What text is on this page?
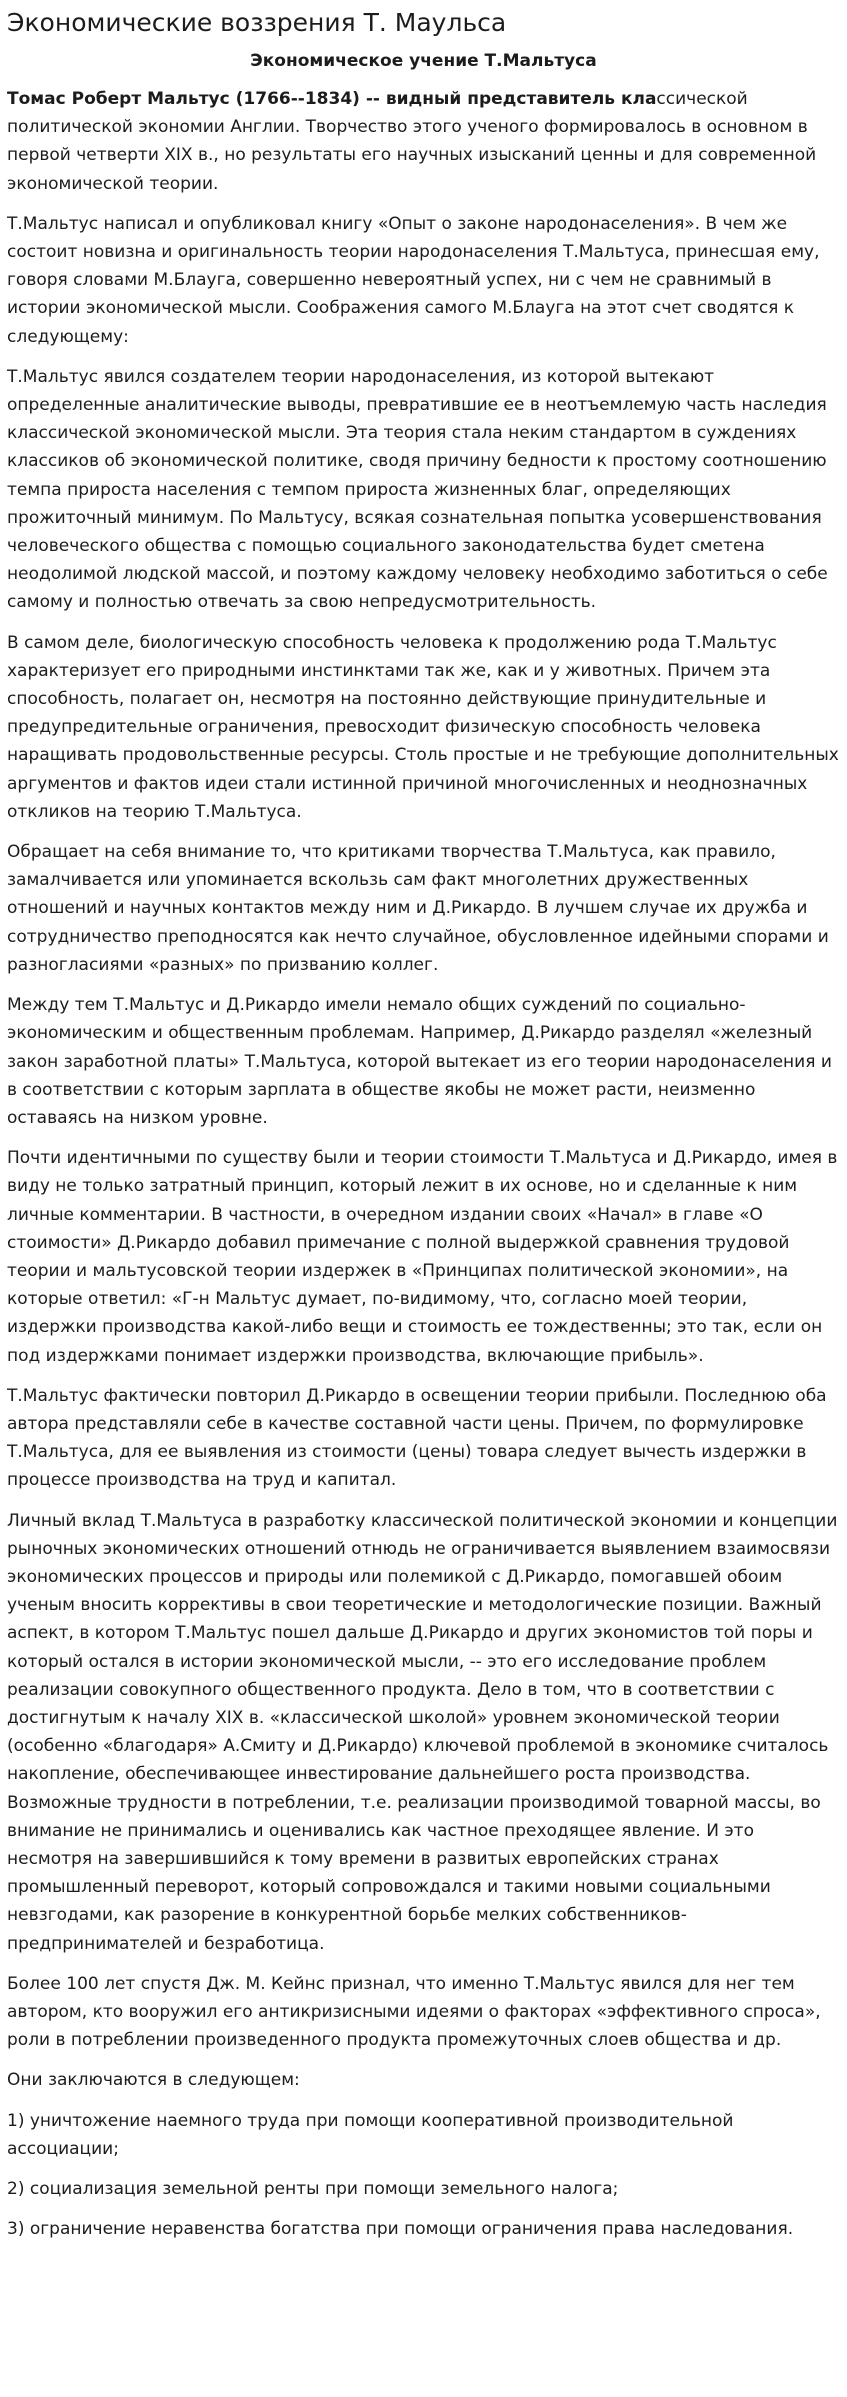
Экономические воззрения Т. Маульса
Экономическое учение Т.Мальтуса

Томас Роберт Мальтус (1766--1834) -- видный представитель классической политической экономии Англии. Творчество этого ученого формировалось в основном в первой четверти XIX в., но результаты его научных изысканий ценны и для современной экономической теории.

Т.Мальтус написал и опубликовал книгу «Опыт о законе народонаселения». В чем же состоит новизна и оригинальность теории народонаселения Т.Мальтуса, принесшая ему, говоря словами М.Блауга, совершенно невероятный успех, ни с чем не сравнимый в истории экономической мысли. Соображения самого М.Блауга на этот счет сводятся к следующему:

Т.Мальтус явился создателем теории народонаселения, из которой вытекают определенные аналитические выводы, превратившие ее в неотъемлемую часть наследия классической экономической мысли. Эта теория стала неким стандартом в суждениях классиков об экономической политике, сводя причину бедности к простому соотношению темпа прироста населения с темпом прироста жизненных благ, определяющих прожиточный минимум. По Мальтусу, всякая сознательная попытка усовершенствования человеческого общества с помощью социального законодательства будет сметена неодолимой людской массой, и поэтому каждому человеку необходимо заботиться о себе самому и полностью отвечать за свою непредусмотрительность.

В самом деле, биологическую способность человека к продолжению рода Т.Мальтус характеризует его природными инстинктами так же, как и у животных. Причем эта способность, полагает он, несмотря на постоянно действующие принудительные и предупредительные ограничения, превосходит физическую способность человека наращивать продовольственные ресурсы. Столь простые и не требующие дополнительных аргументов и фактов идеи стали истинной причиной многочисленных и неоднозначных откликов на теорию Т.Мальтуса.

Обращает на себя внимание то, что критиками творчества Т.Мальтуса, как правило, замалчивается или упоминается вскользь сам факт многолетних дружественных отношений и научных контактов между ним и Д.Рикардо. В лучшем случае их дружба и сотрудничество преподносятся как нечто случайное, обусловленное идейными спорами и разногласиями «разных» по призванию коллег.

Между тем Т.Мальтус и Д.Рикардо имели немало общих суждений по социально-экономическим и общественным проблемам. Например, Д.Рикардо разделял «железный закон заработной платы» Т.Мальтуса, которой вытекает из его теории народонаселения и в соответствии с которым зарплата в обществе якобы не может расти, неизменно оставаясь на низком уровне.

Почти идентичными по существу были и теории стоимости Т.Мальтуса и Д.Рикардо, имея в виду не только затратный принцип, который лежит в их основе, но и сделанные к ним личные комментарии. В частности, в очередном издании своих «Начал» в главе «О стоимости» Д.Рикардо добавил примечание с полной выдержкой сравнения трудовой теории и мальтусовской теории издержек в «Принципах политической экономии», на которые ответил: «Г-н Мальтус думает, по-видимому, что, согласно моей теории, издержки производства какой-либо вещи и стоимость ее тождественны; это так, если он под издержками понимает издержки производства, включающие прибыль».

Т.Мальтус фактически повторил Д.Рикардо в освещении теории прибыли. Последнюю оба автора представляли себе в качестве составной части цены. Причем, по формулировке Т.Мальтуса, для ее выявления из стоимости (цены) товара следует вычесть издержки в процессе производства на труд и капитал.

Личный вклад Т.Мальтуса в разработку классической политической экономии и концепции рыночных экономических отношений отнюдь не ограничивается выявлением взаимосвязи экономических процессов и природы или полемикой с Д.Рикардо, помогавшей обоим ученым вносить коррективы в свои теоретические и методологические позиции. Важный аспект, в котором Т.Мальтус пошел дальше Д.Рикардо и других экономистов той поры и который остался в истории экономической мысли, -- это его исследование проблем реализации совокупного общественного продукта. Дело в том, что в соответствии с достигнутым к началу XIX в. «классической школой» уровнем экономической теории (особенно «благодаря» А.Смиту и Д.Рикардо) ключевой проблемой в экономике считалось накопление, обеспечивающее инвестирование дальнейшего роста производства. Возможные трудности в потреблении, т.е. реализации производимой товарной массы, во внимание не принимались и оценивались как частное преходящее явление. И это несмотря на завершившийся к тому времени в развитых европейских странах промышленный переворот, который сопровождался и такими новыми социальными невзгодами, как разорение в конкурентной борьбе мелких собственников-предпринимателей и безработица.

Более 100 лет спустя Дж. М. Кейнс признал, что именно Т.Мальтус явился для нег тем автором, кто вооружил его антикризисными идеями о факторах «эффективного спроса», роли в потреблении произведенного продукта промежуточных слоев общества и др.

Они заключаются в следующем:

1) уничтожение наемного труда при помощи кооперативной производительной ассоциации;

2) социализация земельной ренты при помощи земельного налога;

3) ограничение неравенства богатства при помощи ограничения права наследования.
